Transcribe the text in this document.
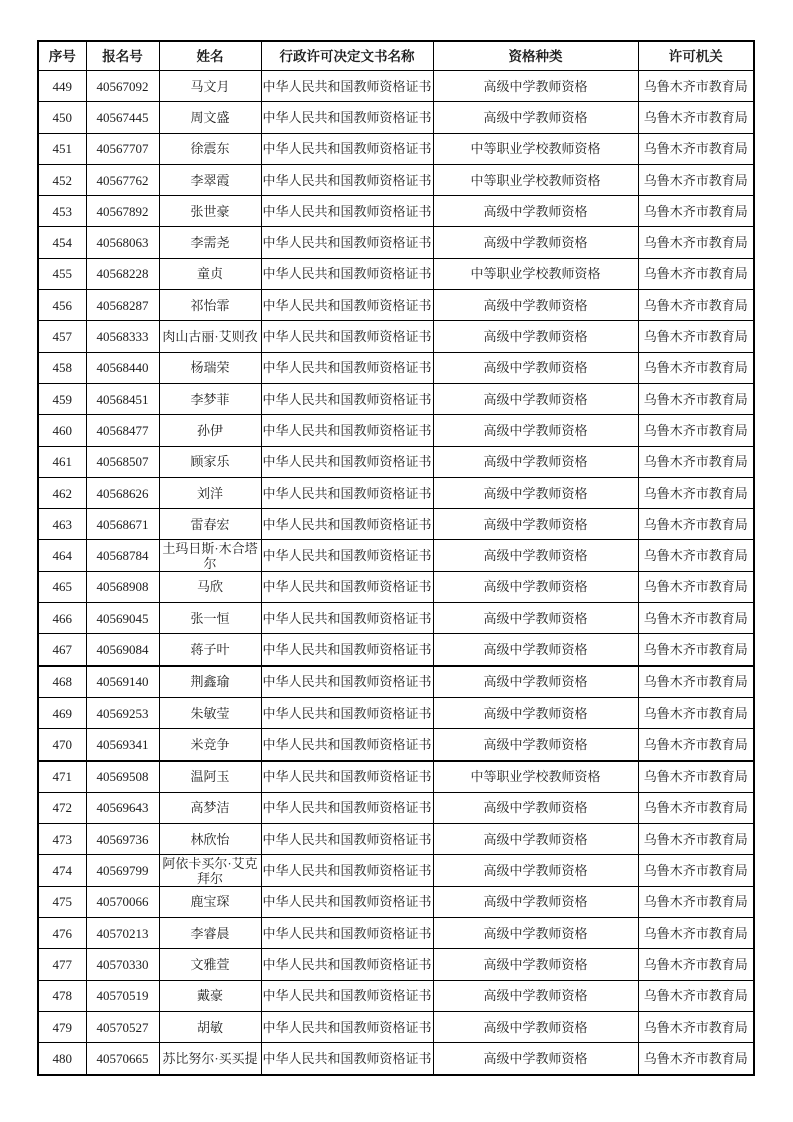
序号	报名号	姓名	行政许可决定文书名称	资格种类	许可机关
449	40567092	马文月	中华人民共和国教师资格证书	高级中学教师资格	乌鲁木齐市教育局
450	40567445	周文盛	中华人民共和国教师资格证书	高级中学教师资格	乌鲁木齐市教育局
451	40567707	徐震东	中华人民共和国教师资格证书	中等职业学校教师资格	乌鲁木齐市教育局
452	40567762	李翠霞	中华人民共和国教师资格证书	中等职业学校教师资格	乌鲁木齐市教育局
453	40567892	张世豪	中华人民共和国教师资格证书	高级中学教师资格	乌鲁木齐市教育局
454	40568063	李需尧	中华人民共和国教师资格证书	高级中学教师资格	乌鲁木齐市教育局
455	40568228	童贞	中华人民共和国教师资格证书	中等职业学校教师资格	乌鲁木齐市教育局
456	40568287	祁怡霏	中华人民共和国教师资格证书	高级中学教师资格	乌鲁木齐市教育局
457	40568333	肉山古丽·艾则孜	中华人民共和国教师资格证书	高级中学教师资格	乌鲁木齐市教育局
458	40568440	杨瑞荣	中华人民共和国教师资格证书	高级中学教师资格	乌鲁木齐市教育局
459	40568451	李梦菲	中华人民共和国教师资格证书	高级中学教师资格	乌鲁木齐市教育局
460	40568477	孙伊	中华人民共和国教师资格证书	高级中学教师资格	乌鲁木齐市教育局
461	40568507	顾家乐	中华人民共和国教师资格证书	高级中学教师资格	乌鲁木齐市教育局
462	40568626	刘洋	中华人民共和国教师资格证书	高级中学教师资格	乌鲁木齐市教育局
463	40568671	雷春宏	中华人民共和国教师资格证书	高级中学教师资格	乌鲁木齐市教育局
464	40568784	土玛日斯·木合塔尔	中华人民共和国教师资格证书	高级中学教师资格	乌鲁木齐市教育局
465	40568908	马欣	中华人民共和国教师资格证书	高级中学教师资格	乌鲁木齐市教育局
466	40569045	张一恒	中华人民共和国教师资格证书	高级中学教师资格	乌鲁木齐市教育局
467	40569084	蒋子叶	中华人民共和国教师资格证书	高级中学教师资格	乌鲁木齐市教育局
468	40569140	荆鑫瑜	中华人民共和国教师资格证书	高级中学教师资格	乌鲁木齐市教育局
469	40569253	朱敏莹	中华人民共和国教师资格证书	高级中学教师资格	乌鲁木齐市教育局
470	40569341	米竞争	中华人民共和国教师资格证书	高级中学教师资格	乌鲁木齐市教育局
471	40569508	温阿玉	中华人民共和国教师资格证书	中等职业学校教师资格	乌鲁木齐市教育局
472	40569643	高梦洁	中华人民共和国教师资格证书	高级中学教师资格	乌鲁木齐市教育局
473	40569736	林欣怡	中华人民共和国教师资格证书	高级中学教师资格	乌鲁木齐市教育局
474	40569799	阿依卡买尔·艾克拜尔	中华人民共和国教师资格证书	高级中学教师资格	乌鲁木齐市教育局
475	40570066	鹿宝琛	中华人民共和国教师资格证书	高级中学教师资格	乌鲁木齐市教育局
476	40570213	李睿晨	中华人民共和国教师资格证书	高级中学教师资格	乌鲁木齐市教育局
477	40570330	文雅萱	中华人民共和国教师资格证书	高级中学教师资格	乌鲁木齐市教育局
478	40570519	戴豪	中华人民共和国教师资格证书	高级中学教师资格	乌鲁木齐市教育局
479	40570527	胡敏	中华人民共和国教师资格证书	高级中学教师资格	乌鲁木齐市教育局
480	40570665	苏比努尔·买买提	中华人民共和国教师资格证书	高级中学教师资格	乌鲁木齐市教育局
